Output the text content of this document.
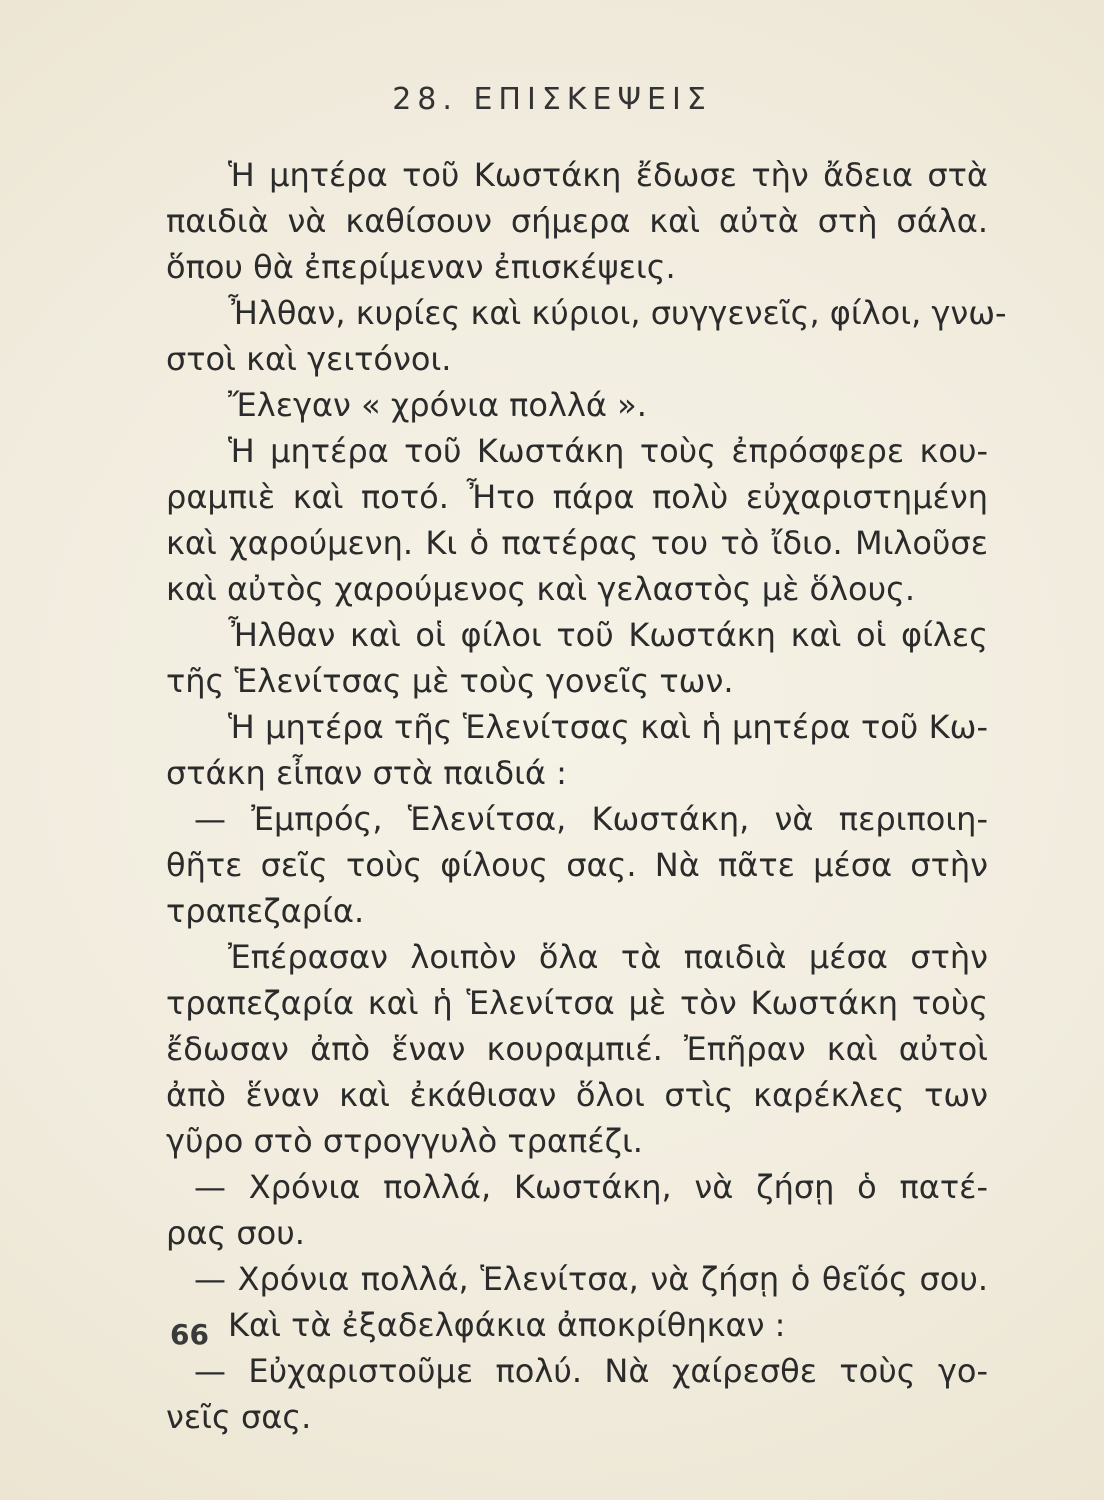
28. ΕΠΙΣΚΕΨΕΙΣ
Ἡ μητέρα τοῦ Κωστάκη ἔδωσε τὴν ἄδεια στὰ
παιδιὰ νὰ καθίσουν σήμερα καὶ αὐτὰ στὴ σάλα.
ὅπου θὰ ἐπερίμεναν ἐπισκέψεις.
Ἦλθαν, κυρίες καὶ κύριοι, συγγενεῖς, φίλοι, γνω-
στοὶ καὶ γειτόνοι.
Ἔλεγαν « χρόνια πολλά ».
Ἡ μητέρα τοῦ Κωστάκη τοὺς ἐπρόσφερε κου-
ραμπιὲ καὶ ποτό. Ἦτο πάρα πολὺ εὐχαριστημένη
καὶ χαρούμενη. Κι ὁ πατέρας του τὸ ἴδιο. Μιλοῦσε
καὶ αὐτὸς χαρούμενος καὶ γελαστὸς μὲ ὅλους.
Ἦλθαν καὶ οἱ φίλοι τοῦ Κωστάκη καὶ οἱ φίλες
τῆς Ἑλενίτσας μὲ τοὺς γονεῖς των.
Ἡ μητέρα τῆς Ἑλενίτσας καὶ ἡ μητέρα τοῦ Κω-
στάκη εἶπαν στὰ παιδιά :
— Ἐμπρός, Ἑλενίτσα, Κωστάκη, νὰ περιποιη-
θῆτε σεῖς τοὺς φίλους σας. Νὰ πᾶτε μέσα στὴν
τραπεζαρία.
Ἐπέρασαν λοιπὸν ὅλα τὰ παιδιὰ μέσα στὴν
τραπεζαρία καὶ ἡ Ἑλενίτσα μὲ τὸν Κωστάκη τοὺς
ἔδωσαν ἀπὸ ἕναν κουραμπιέ. Ἐπῆραν καὶ αὐτοὶ
ἀπὸ ἕναν καὶ ἐκάθισαν ὅλοι στὶς καρέκλες των
γῦρο στὸ στρογγυλὸ τραπέζι.
— Χρόνια πολλά, Κωστάκη, νὰ ζήσῃ ὁ πατέ-
ρας σου.
— Χρόνια πολλά, Ἑλενίτσα, νὰ ζήσῃ ὁ θεῖός σου.
Καὶ τὰ ἐξαδελφάκια ἀποκρίθηκαν :
— Εὐχαριστοῦμε πολύ. Νὰ χαίρεσθε τοὺς γο-
νεῖς σας.
66
